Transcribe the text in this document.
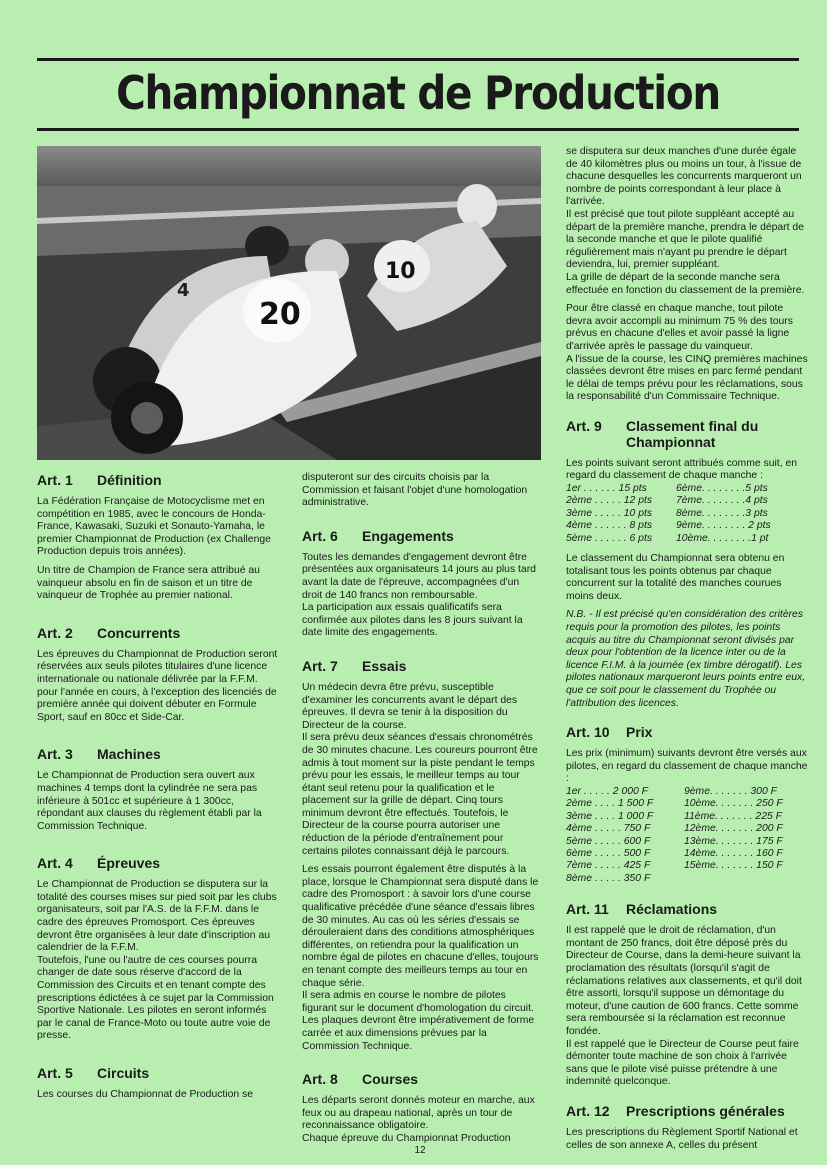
Championnat de Production
20
10
4
Art. 1	Définition

La Fédération Française de Motocyclisme met en compétition en 1985, avec le concours de Honda-France, Kawasaki, Suzuki et Sonauto-Yamaha, le premier Championnat de Production (ex Challenge Production depuis trois années).

Un titre de Champion de France sera attribué au vainqueur absolu en fin de saison et un titre de vainqueur de Trophée au premier national.

Art. 2	Concurrents

Les épreuves du Championnat de Production seront réservées aux seuls pilotes titulaires d'une licence internationale ou nationale délivrée par la F.F.M. pour l'année en cours, à l'exception des licenciés de première année qui doivent débuter en Formule Sport, sauf en 80cc et Side-Car.

Art. 3	Machines

Le Championnat de Production sera ouvert aux machines 4 temps dont la cylindrée ne sera pas inférieure à 501cc et supérieure à 1 300cc, répondant aux clauses du règlement établi par la Commission Technique.

Art. 4	Épreuves

Le Championnat de Production se disputera sur la totalité des courses mises sur pied soit par les clubs organisateurs, soit par l'A.S. de la F.F.M. dans le cadre des épreuves Promosport. Ces épreuves devront être organisées à leur date d'inscription au calendrier de la F.F.M.

Toutefois, l'une ou l'autre de ces courses pourra changer de date sous réserve d'accord de la Commission des Circuits et en tenant compte des prescriptions édictées à ce sujet par la Commission Sportive Nationale. Les pilotes en seront informés par le canal de France-Moto ou toute autre voie de presse.

Art. 5	Circuits

Les courses du Championnat de Production se

disputeront sur des circuits choisis par la Commission et faisant l'objet d'une homologation administrative.

Art. 6	Engagements

Toutes les demandes d'engagement devront être présentées aux organisateurs 14 jours au plus tard avant la date de l'épreuve, accompagnées d'un droit de 140 francs non remboursable.

La participation aux essais qualificatifs sera confirmée aux pilotes dans les 8 jours suivant la date limite des engagements.

Art. 7	Essais

Un médecin devra être prévu, susceptible d'examiner les concurrents avant le départ des épreuves. Il devra se tenir à la disposition du Directeur de la course.

Il sera prévu deux séances d'essais chronométrés de 30 minutes chacune. Les coureurs pourront être admis à tout moment sur la piste pendant le temps prévu pour les essais, le meilleur temps au tour étant seul retenu pour la qualification et le placement sur la grille de départ. Cinq tours minimum devront être effectués. Toutefois, le Directeur de la course pourra autoriser une réduction de la période d'entraînement pour certains pilotes connaissant déjà le parcours.

Les essais pourront également être disputés à la place, lorsque le Championnat sera disputé dans le cadre des Promosport : à savoir lors d'une course qualificative précédée d'une séance d'essais libres de 30 minutes. Au cas où les séries d'essais se dérouleraient dans des conditions atmosphériques différentes, on retiendra pour la qualification un nombre égal de pilotes en chacune d'elles, toujours en tenant compte des meilleurs temps au tour en chaque série.

Il sera admis en course le nombre de pilotes figurant sur le document d'homologation du circuit.

Les plaques devront être impérativement de forme carrée et aux dimensions prévues par la Commission Technique.

Art. 8	Courses

Les départs seront donnés moteur en marche, aux feux ou au drapeau national, après un tour de reconnaissance obligatoire.

Chaque épreuve du Championnat Production

se disputera sur deux manches d'une durée égale de 40 kilomètres plus ou moins un tour, à l'issue de chacune desquelles les concurrents marqueront un nombre de points correspondant à leur place à l'arrivée.

Il est précisé que tout pilote suppléant accepté au départ de la première manche, prendra le départ de la seconde manche et que le pilote qualifié régulièrement mais n'ayant pu prendre le départ deviendra, lui, premier suppléant.

La grille de départ de la seconde manche sera effectuée en fonction du classement de la première.

Pour être classé en chaque manche, tout pilote devra avoir accompli au minimum 75 % des tours prévus en chacune d'elles et avoir passé la ligne d'arrivée après le passage du vainqueur.

A l'issue de la course, les CINQ premières machines classées devront être mises en parc fermé pendant le délai de temps prévu pour les réclamations, sous la responsabilité d'un Commissaire Technique.

Art. 9	Classement final du Championnat

Les points suivant seront attribués comme suit, en regard du classement de chaque manche :

1er . . . . . . 15 pts	6ème. . . . . . . .5 pts
2ème . . . . . 12 pts	7ème. . . . . . . .4 pts
3ème . . . . . 10 pts	8ème. . . . . . . .3 pts
4ème . . . . . . 8 pts	9ème. . . . . . . . 2 pts
5ème . . . . . . 6 pts	10ème. . . . . . . .1 pt

Le classement du Championnat sera obtenu en totalisant tous les points obtenus par chaque concurrent sur la totalité des manches courues moins deux.

N.B. - Il est précisé qu'en considération des critères requis pour la promotion des pilotes, les points acquis au titre du Championnat seront divisés par deux pour l'obtention de la licence inter ou de la licence F.I.M. à la journée (ex timbre dérogatif). Les pilotes nationaux marqueront leurs points entre eux, que ce soit pour le classement du Trophée ou l'attribution des licences.

Art. 10	Prix

Les prix (minimum) suivants devront être versés aux pilotes, en regard du classement de chaque manche :

1er . . . . . 2 000 F	9ème. . . . . . . 300 F
2ème . . . . 1 500 F	10ème. . . . . . . 250 F
3ème . . . . 1 000 F	11ème. . . . . . . 225 F
4ème . . . . . 750 F	12ème. . . . . . . 200 F
5ème . . . . . 600 F	13ème. . . . . . . 175 F
6ème . . . . . 500 F	14ème. . . . . . . 160 F
7ème . . . . . 425 F	15ème. . . . . . . 150 F
8ème . . . . . 350 F
Art. 11	Réclamations

Il est rappelé que le droit de réclamation, d'un montant de 250 francs, doit être déposé près du Directeur de Course, dans la demi-heure suivant la proclamation des résultats (lorsqu'il s'agit de réclamations relatives aux classements, et qu'il doit être assorti, lorsqu'il suppose un démontage du moteur, d'une caution de 600 francs. Cette somme sera remboursée si la réclamation est reconnue fondée.

Il est rappelé que le Directeur de Course peut faire démonter toute machine de son choix à l'arrivée sans que le pilote visé puisse prétendre à une indemnité quelconque.

Art. 12	Prescriptions générales

Les prescriptions du Règlement Sportif National et celles de son annexe A, celles du présent

12
